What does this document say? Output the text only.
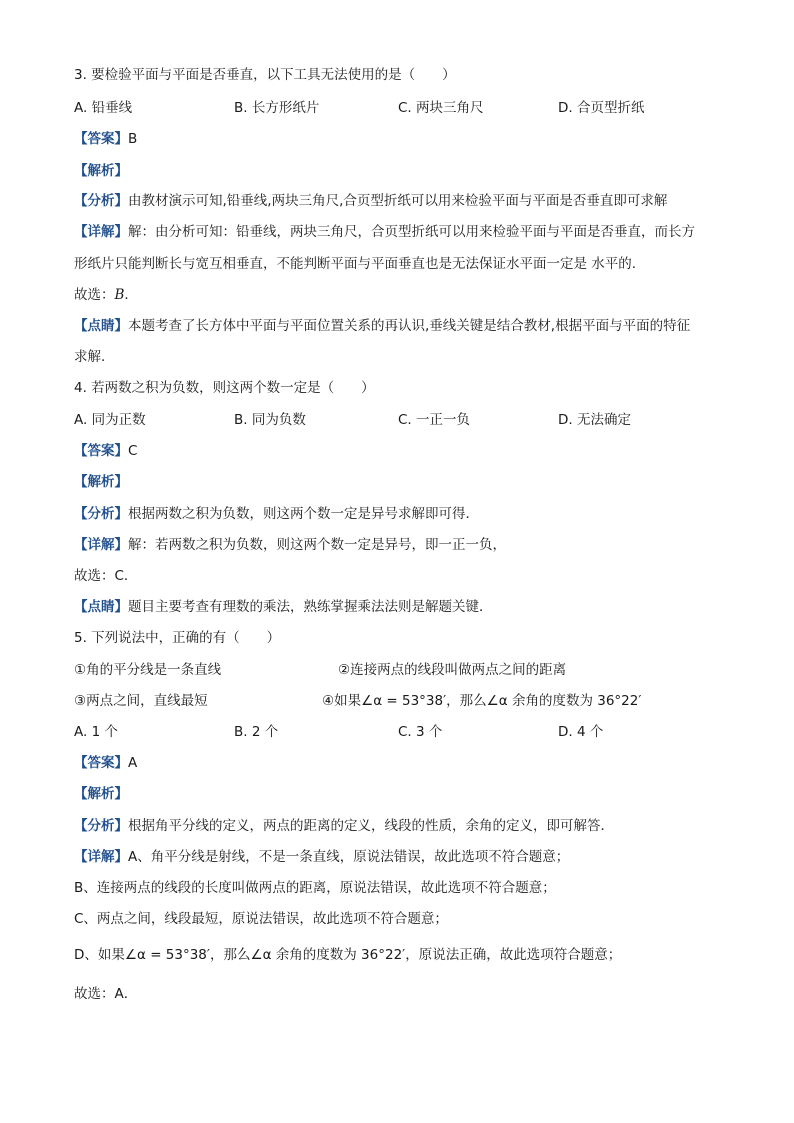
3. 要检验平面与平面是否垂直，以下工具无法使用的是（　　）
A. 铅垂线	B. 长方形纸片	C. 两块三角尺	D. 合页型折纸
【答案】B
【解析】
【分析】由教材演示可知,铅垂线,两块三角尺,合页型折纸可以用来检验平面与平面是否垂直即可求解
【详解】解：由分析可知：铅垂线，两块三角尺，合页型折纸可以用来检验平面与平面是否垂直，而长方
形纸片只能判断长与宽互相垂直，不能判断平面与平面垂直也是无法保证水平面一定是 水平的.
故选：B．
【点睛】本题考查了长方体中平面与平面位置关系的再认识,垂线关键是结合教材,根据平面与平面的特征
求解.
4. 若两数之积为负数，则这两个数一定是（　　）
A. 同为正数	B. 同为负数	C. 一正一负	D. 无法确定
【答案】C
【解析】
【分析】根据两数之积为负数，则这两个数一定是异号求解即可得．
【详解】解：若两数之积为负数，则这两个数一定是异号，即一正一负，
故选：C．
【点睛】题目主要考查有理数的乘法，熟练掌握乘法法则是解题关键．
5. 下列说法中，正确的有（　　）
①角的平分线是一条直线	②连接两点的线段叫做两点之间的距离
③两点之间，直线最短	④如果∠α = 53°38′，那么∠α 余角的度数为 36°22′
A. 1 个	B. 2 个	C. 3 个	D. 4 个
【答案】A
【解析】
【分析】根据角平分线的定义，两点的距离的定义，线段的性质，余角的定义，即可解答．
【详解】A、角平分线是射线，不是一条直线，原说法错误，故此选项不符合题意；
B、连接两点的线段的长度叫做两点的距离，原说法错误，故此选项不符合题意；
C、两点之间，线段最短，原说法错误，故此选项不符合题意；
D、如果∠α = 53°38′，那么∠α 余角的度数为 36°22′，原说法正确，故此选项符合题意；
故选：A．
